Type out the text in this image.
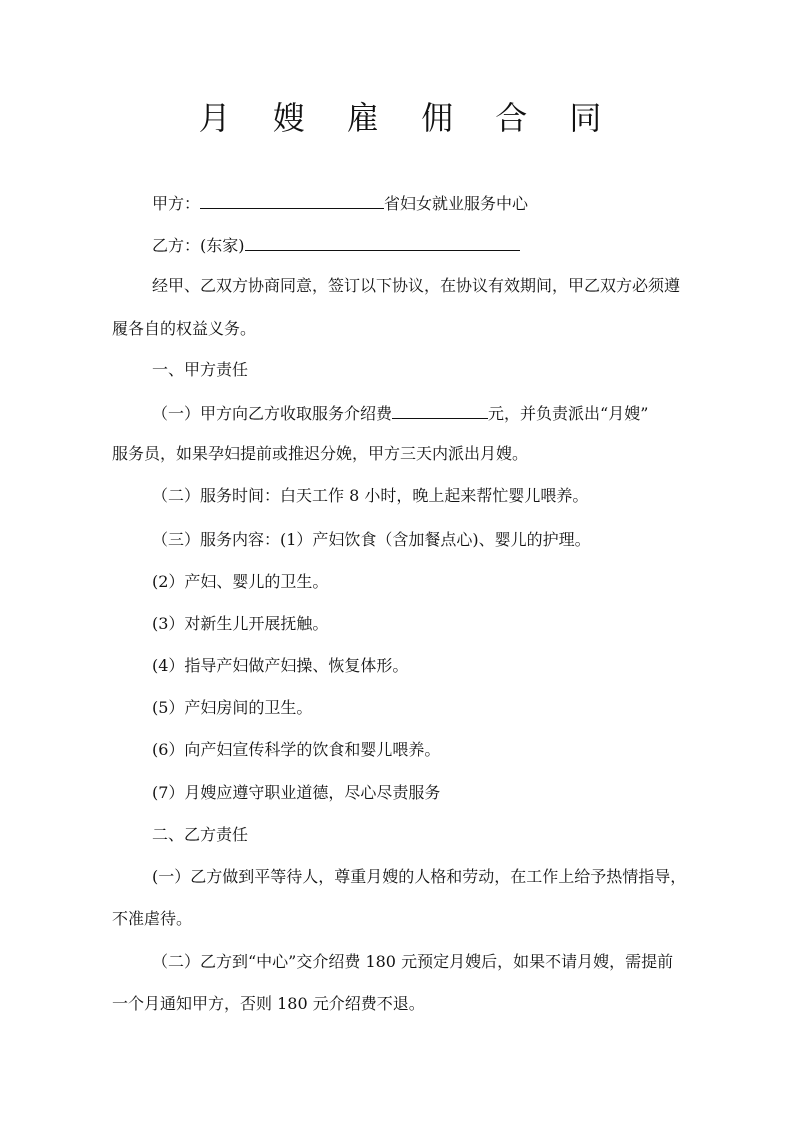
月 嫂 雇 佣 合 同
甲方：	省妇女就业服务中心
乙方：(东家)
经甲、乙双方协商同意，签订以下协议，在协议有效期间，甲乙双方必须遵
履各自的权益义务。
一、甲方责任
（一）甲方向乙方收取服务介绍费	元，并负责派出“月嫂”
服务员，如果孕妇提前或推迟分娩，甲方三天内派出月嫂。
（二）服务时间：白天工作 8 小时，晚上起来帮忙婴儿喂养。
（三）服务内容：(1）产妇饮食（含加餐点心)、婴儿的护理。
(2）产妇、婴儿的卫生。
(3）对新生儿开展抚触。
(4）指导产妇做产妇操、恢复体形。
(5）产妇房间的卫生。
(6）向产妇宣传科学的饮食和婴儿喂养。
(7）月嫂应遵守职业道德，尽心尽责服务
二、乙方责任
(一）乙方做到平等待人，尊重月嫂的人格和劳动，在工作上给予热情指导，
不准虐待。
（二）乙方到“中心”交介绍费 180 元预定月嫂后，如果不请月嫂，需提前
一个月通知甲方，否则 180 元介绍费不退。
